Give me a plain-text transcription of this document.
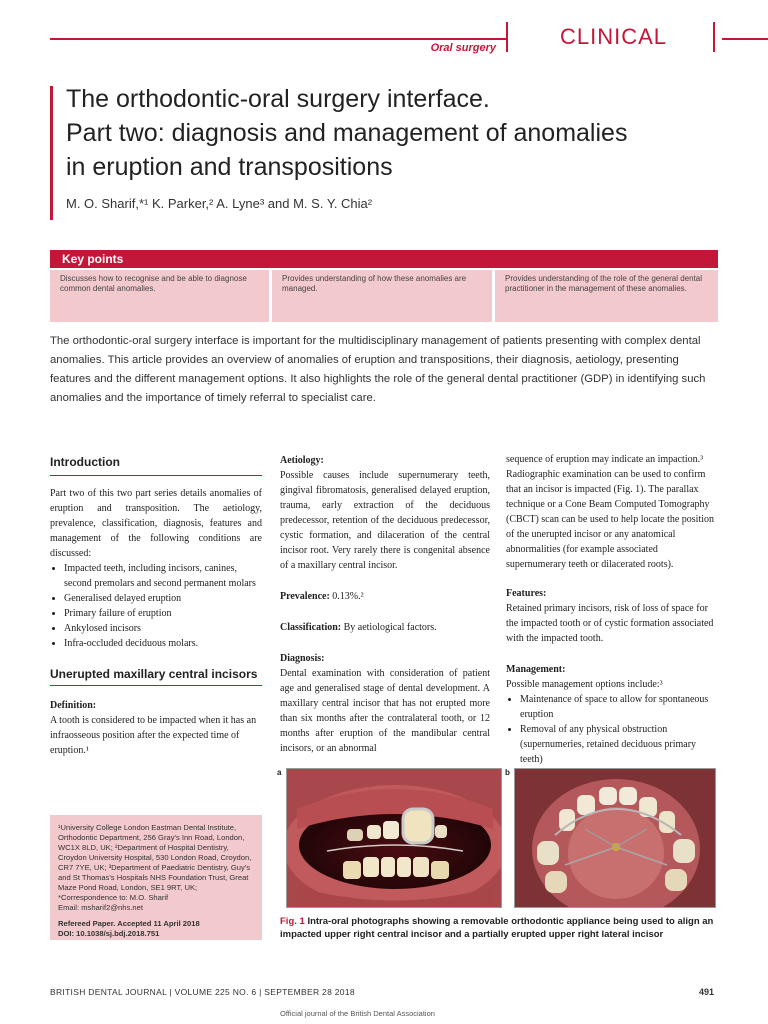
Oral surgery	CLINICAL
The orthodontic-oral surgery interface.
Part two: diagnosis and management of anomalies
in eruption and transpositions
M. O. Sharif,*¹ K. Parker,² A. Lyne³ and M. S. Y. Chia²
Key points
Discusses how to recognise and be able to diagnose common dental anomalies.
Provides understanding of how these anomalies are managed.
Provides understanding of the role of the general dental practitioner in the management of these anomalies.
The orthodontic-oral surgery interface is important for the multidisciplinary management of patients presenting with complex dental anomalies. This article provides an overview of anomalies of eruption and transpositions, their diagnosis, aetiology, presenting features and the different management options. It also highlights the role of the general dental practitioner (GDP) in identifying such anomalies and the importance of timely referral to specialist care.
Introduction

Part two of this two part series details anomalies of eruption and transposition. The aetiology, prevalence, classification, diagnosis, features and management of the following conditions are discussed:

• Impacted teeth, including incisors, canines, second premolars and second permanent molars
• Generalised delayed eruption
• Primary failure of eruption
• Ankylosed incisors
• Infra-occluded deciduous molars.
Unerupted maxillary central incisors

Definition:

A tooth is considered to be impacted when it has an infraosseous position after the expected time of eruption.¹

¹University College London Eastman Dental Institute, Orthodontic Department, 256 Gray's Inn Road, London, WC1X 8LD, UK; ²Department of Hospital Dentistry, Croydon University Hospital, 530 London Road, Croydon, CR7 7YE, UK; ³Department of Paediatric Dentistry, Guy's and St Thomas's Hospitals NHS Foundation Trust, Great Maze Pond Road, London, SE1 9RT, UK;
*Correspondence to: M.O. Sharif
Email: msharif2@nhs.net
Refereed Paper. Accepted 11 April 2018
DOI: 10.1038/sj.bdj.2018.751

Aetiology:

Possible causes include supernumerary teeth, gingival fibromatosis, generalised delayed eruption, trauma, early extraction of the deciduous predecessor, retention of the deciduous predecessor, cystic formation, and dilaceration of the central incisor root. Very rarely there is congenital absence of a maxillary central incisor.

Prevalence: 0.13%.²

Classification: By aetiological factors.

Diagnosis:

Dental examination with consideration of patient age and generalised stage of dental development. A maxillary central incisor that has not erupted more than six months after the contralateral tooth, or 12 months after eruption of the mandibular central incisors, or an abnormal

sequence of eruption may indicate an impaction.³ Radiographic examination can be used to confirm that an incisor is impacted (Fig. 1). The parallax technique or a Cone Beam Computed Tomography (CBCT) scan can be used to help locate the position of the unerupted incisor or any anatomical abnormalities (for example associated supernumerary teeth or dilacerated roots).

Features:

Retained primary incisors, risk of loss of space for the impacted tooth or of cystic formation associated with the impacted tooth.

Management:

Possible management options include:³

• Maintenance of space to allow for spontaneous eruption
• Removal of any physical obstruction (supernumeries, retained deciduous primary teeth)
a	b
Fig. 1 Intra-oral photographs showing a removable orthodontic appliance being used to align an impacted upper right central incisor and a partially erupted upper right lateral incisor
BRITISH DENTAL JOURNAL | VOLUME 225 NO. 6 | SEPTEMBER 28 2018	491
Official journal of the British Dental Association
